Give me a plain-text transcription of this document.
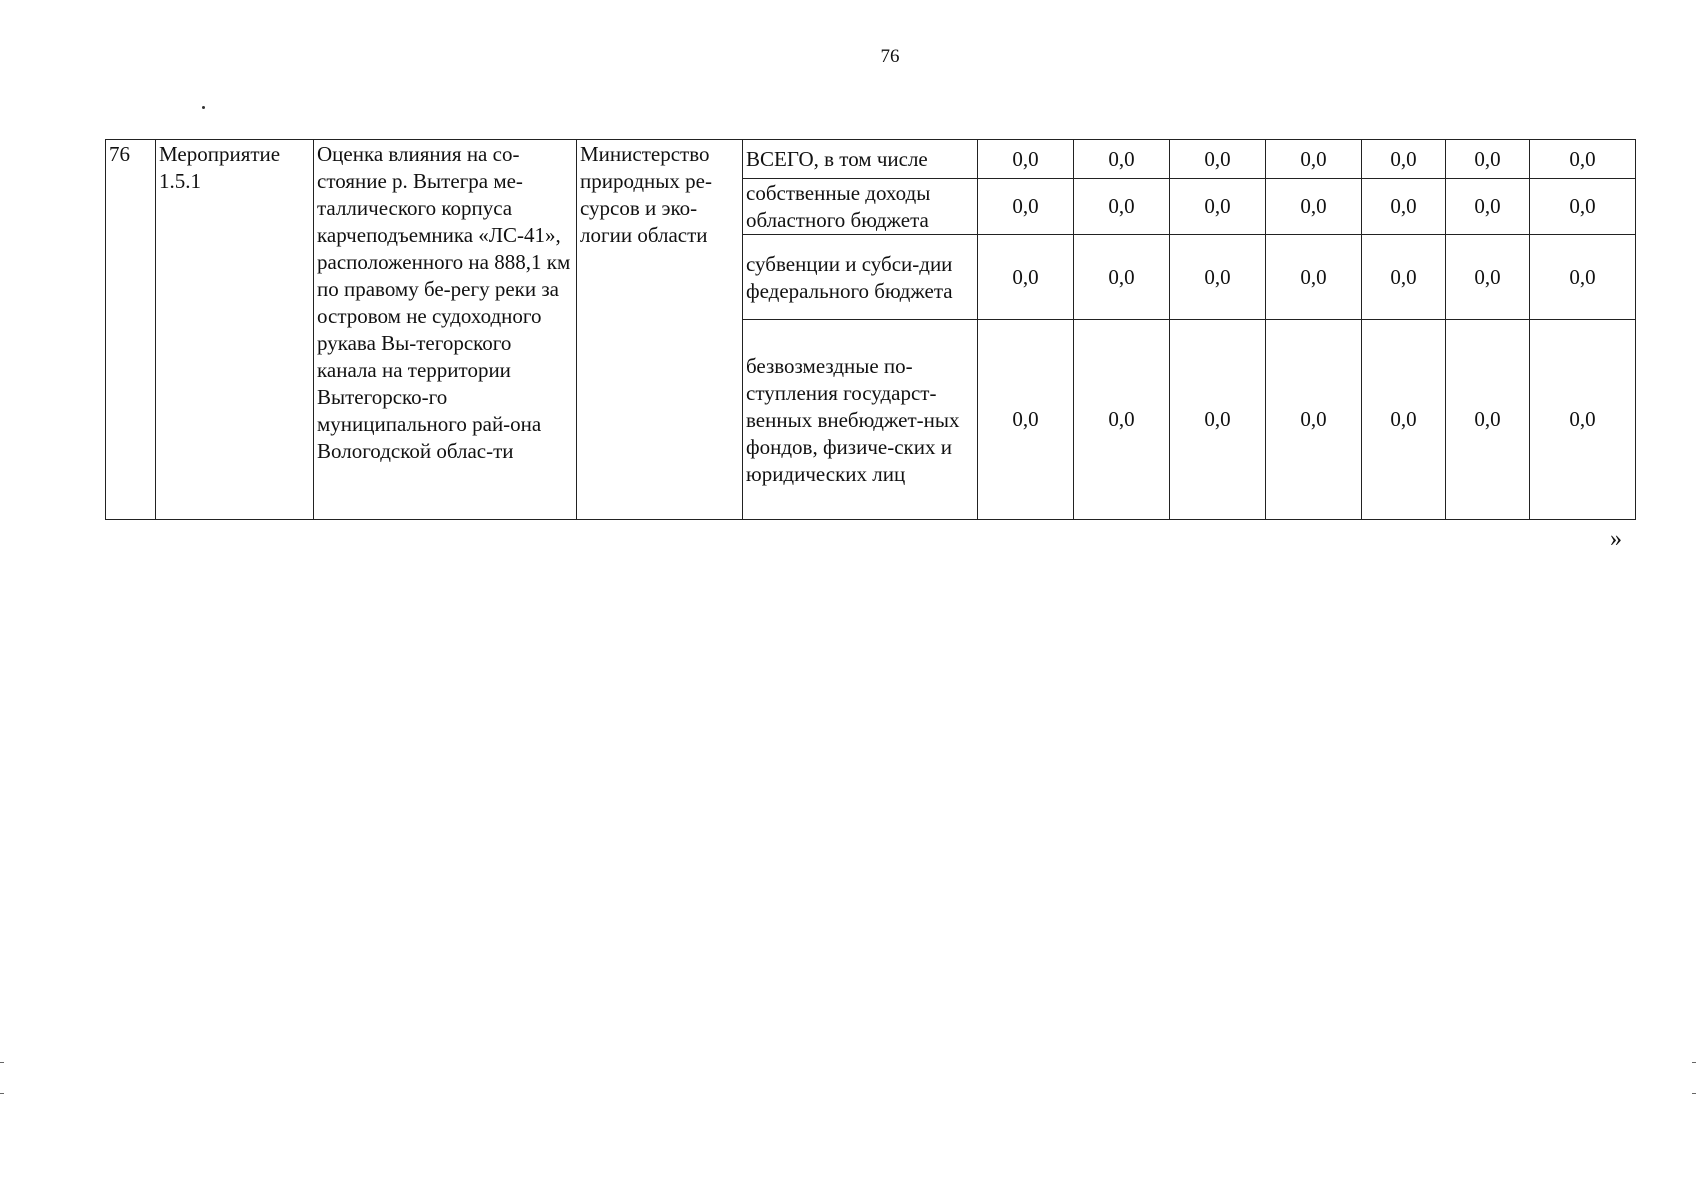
76
76	Мероприятие 1.5.1	Оценка влияния на со-стояние р. Вытегра ме-таллического корпуса карчеподъемника «ЛС-41», расположенного на 888,1 км по правому бе-регу реки за островом не судоходного рукава Вы-тегорского канала на территории Вытегорско-го муниципального рай-она Вологодской облас-ти	Министерство природных ре-сурсов и эко-логии области	ВСЕГО, в том числе	0,0	0,0	0,0	0,0	0,0	0,0	0,0
				собственные доходы областного бюджета	0,0	0,0	0,0	0,0	0,0	0,0	0,0
				субвенции и субси-дии федерального бюджета	0,0	0,0	0,0	0,0	0,0	0,0	0,0
				безвозмездные по-ступления государст-венных внебюджет-ных фондов, физиче-ских и юридических лиц	0,0	0,0	0,0	0,0	0,0	0,0	0,0
»
